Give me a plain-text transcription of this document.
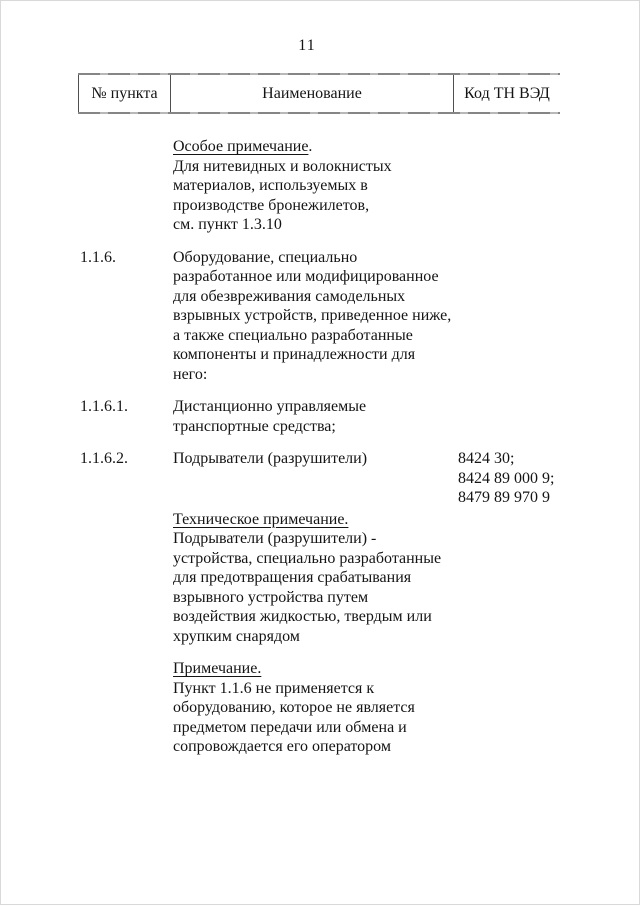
11
№ пункта	Наименование	Код ТН ВЭД
Особое примечание.
Для нитевидных и волокнистых
материалов, используемых в
производстве бронежилетов,
см. пункт 1.3.10
1.1.6.	Оборудование, специально
разработанное или модифицированное
для обезвреживания самодельных
взрывных устройств, приведенное ниже,
а также специально разработанные
компоненты и принадлежности для
него:
1.1.6.1.	Дистанционно управляемые
транспортные средства;
1.1.6.2.	Подрыватели (разрушители)	8424 30;
8424 89 000 9;
8479 89 970 9
Техническое примечание.
Подрыватели (разрушители) -
устройства, специально разработанные
для предотвращения срабатывания
взрывного устройства путем
воздействия жидкостью, твердым или
хрупким снарядом
Примечание.
Пункт 1.1.6 не применяется к
оборудованию, которое не является
предметом передачи или обмена и
сопровождается его оператором
